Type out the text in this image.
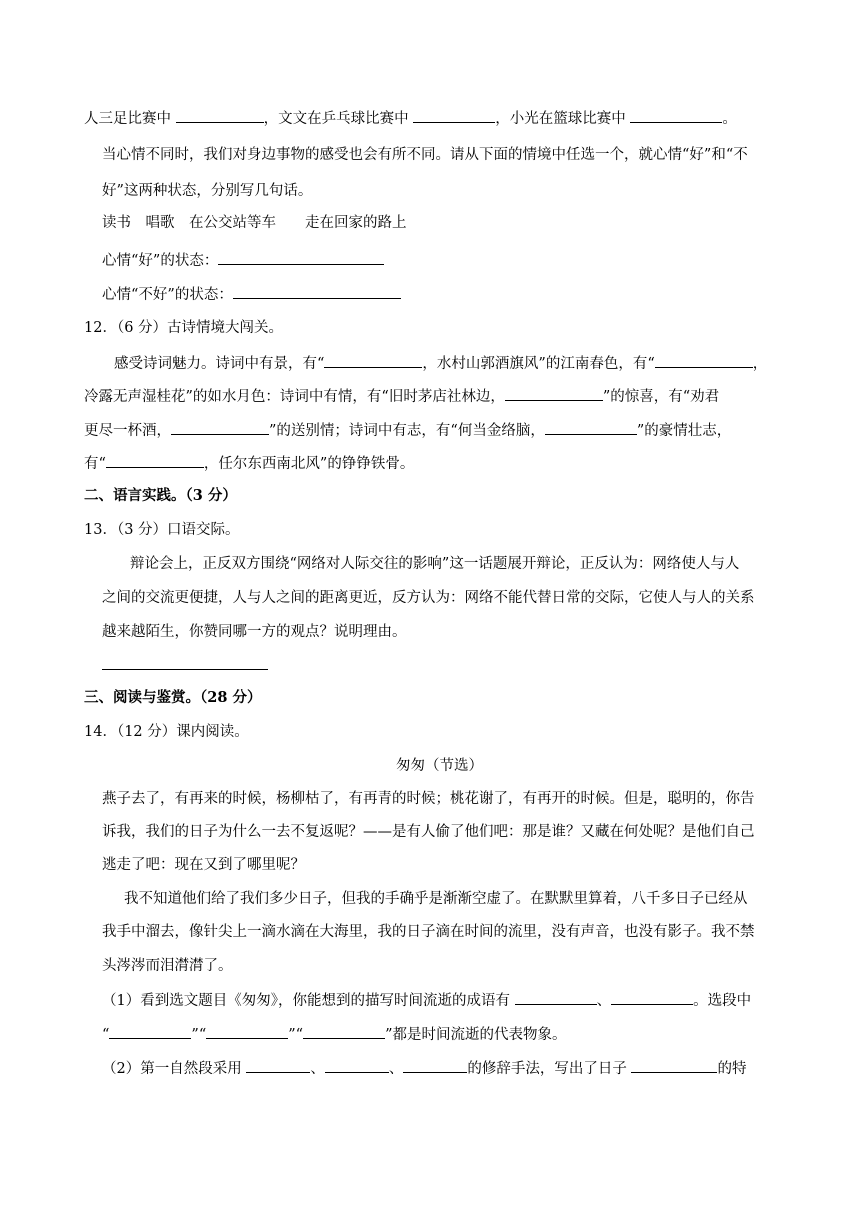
人三足比赛中	，文文在乒乓球比赛中	，小光在篮球比赛中	。
当心情不同时，我们对身边事物的感受也会有所不同。请从下面的情境中任选一个，就心情“好”和“不
好”这两种状态，分别写几句话。
读书　唱歌　在公交站等车　　走在回家的路上
心情“好”的状态：
心情“不好”的状态：
12．（6 分）古诗情境大闯关。
感受诗词魅力。诗词中有景，有“	，水村山郭酒旗风”的江南春色，有“	，
冷露无声湿桂花”的如水月色：诗词中有情，有“旧时茅店社林边，	”的惊喜，有“劝君
更尽一杯酒，	”的送别情；诗词中有志，有“何当金络脑，	”的豪情壮志，
有“	，任尔东西南北风”的铮铮铁骨。
二、语言实践。（3 分）
13．（3 分）口语交际。
辩论会上，正反双方围绕“网络对人际交往的影响”这一话题展开辩论，正反认为：网络使人与人
之间的交流更便捷，人与人之间的距离更近，反方认为：网络不能代替日常的交际，它使人与人的关系
越来越陌生，你赞同哪一方的观点？说明理由。
三、阅读与鉴赏。（28 分）
14．（12 分）课内阅读。
匆匆（节选）
燕子去了，有再来的时候，杨柳枯了，有再青的时候；桃花谢了，有再开的时候。但是，聪明的，你告
诉我，我们的日子为什么一去不复返呢？——是有人偷了他们吧：那是谁？又藏在何处呢？是他们自己
逃走了吧：现在又到了哪里呢？
我不知道他们给了我们多少日子，但我的手确乎是渐渐空虚了。在默默里算着，八千多日子已经从
我手中溜去，像针尖上一滴水滴在大海里，我的日子滴在时间的流里，没有声音，也没有影子。我不禁
头涔涔而泪潸潸了。
（1）看到选文题目《匆匆》，你能想到的描写时间流逝的成语有	、	。选段中
“	”“	”“	”都是时间流逝的代表物象。
（2）第一自然段采用	、	、	的修辞手法，写出了日子	的特
